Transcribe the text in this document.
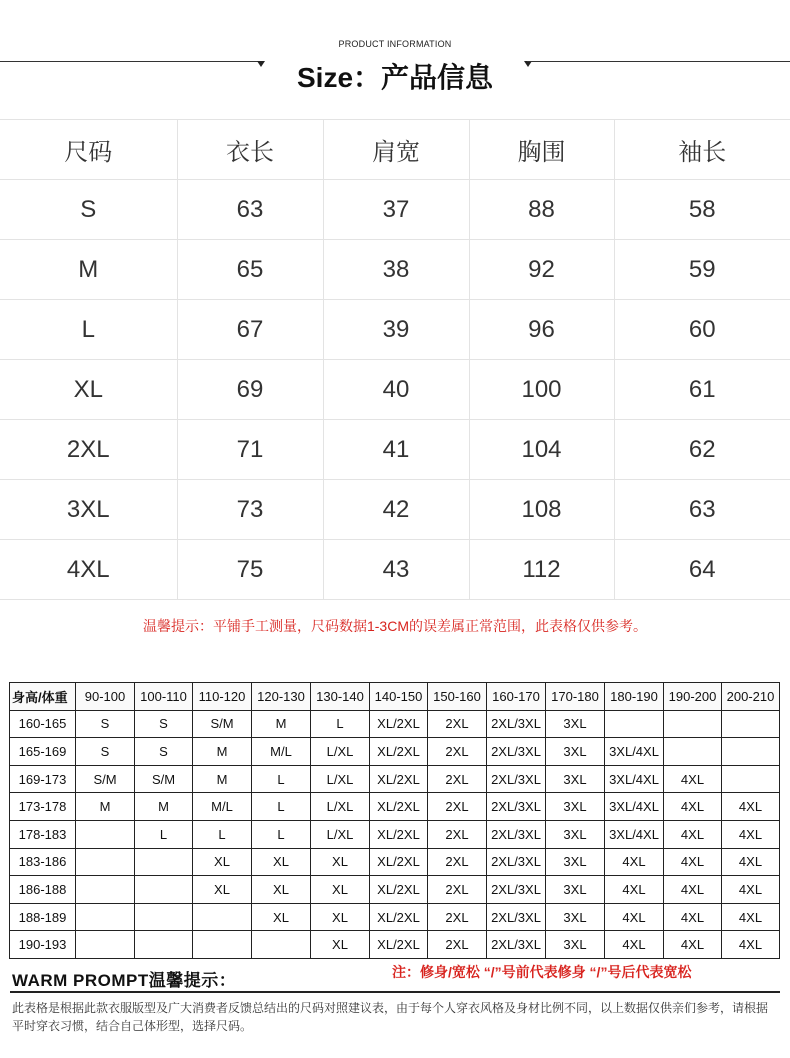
PRODUCT INFORMATION
Size：产品信息
尺码	衣长	肩宽	胸围	袖长
S	63	37	88	58
M	65	38	92	59
L	67	39	96	60
XL	69	40	100	61
2XL	71	41	104	62
3XL	73	42	108	63
4XL	75	43	112	64
温馨提示：平铺手工测量，尺码数据1-3CM的误差属正常范围，此表格仅供参考。
身高/体重	90-100	100-110	110-120	120-130	130-140	140-150	150-160	160-170	170-180	180-190	190-200	200-210
160-165	S	S	S/M	M	L	XL/2XL	2XL	2XL/3XL	3XL			
165-169	S	S	M	M/L	L/XL	XL/2XL	2XL	2XL/3XL	3XL	3XL/4XL		
169-173	S/M	S/M	M	L	L/XL	XL/2XL	2XL	2XL/3XL	3XL	3XL/4XL	4XL	
173-178	M	M	M/L	L	L/XL	XL/2XL	2XL	2XL/3XL	3XL	3XL/4XL	4XL	4XL
178-183		L	L	L	L/XL	XL/2XL	2XL	2XL/3XL	3XL	3XL/4XL	4XL	4XL
183-186			XL	XL	XL	XL/2XL	2XL	2XL/3XL	3XL	4XL	4XL	4XL
186-188			XL	XL	XL	XL/2XL	2XL	2XL/3XL	3XL	4XL	4XL	4XL
188-189				XL	XL	XL/2XL	2XL	2XL/3XL	3XL	4XL	4XL	4XL
190-193					XL	XL/2XL	2XL	2XL/3XL	3XL	4XL	4XL	4XL
WARM PROMPT温馨提示：	注：修身/宽松 “/”号前代表修身 “/”号后代表宽松
此表格是根据此款衣服版型及广大消费者反馈总结出的尺码对照建议表，由于每个人穿衣风格及身材比例不同，以上数据仅供亲们参考，请根据平时穿衣习惯，结合自己体形型，选择尺码。
